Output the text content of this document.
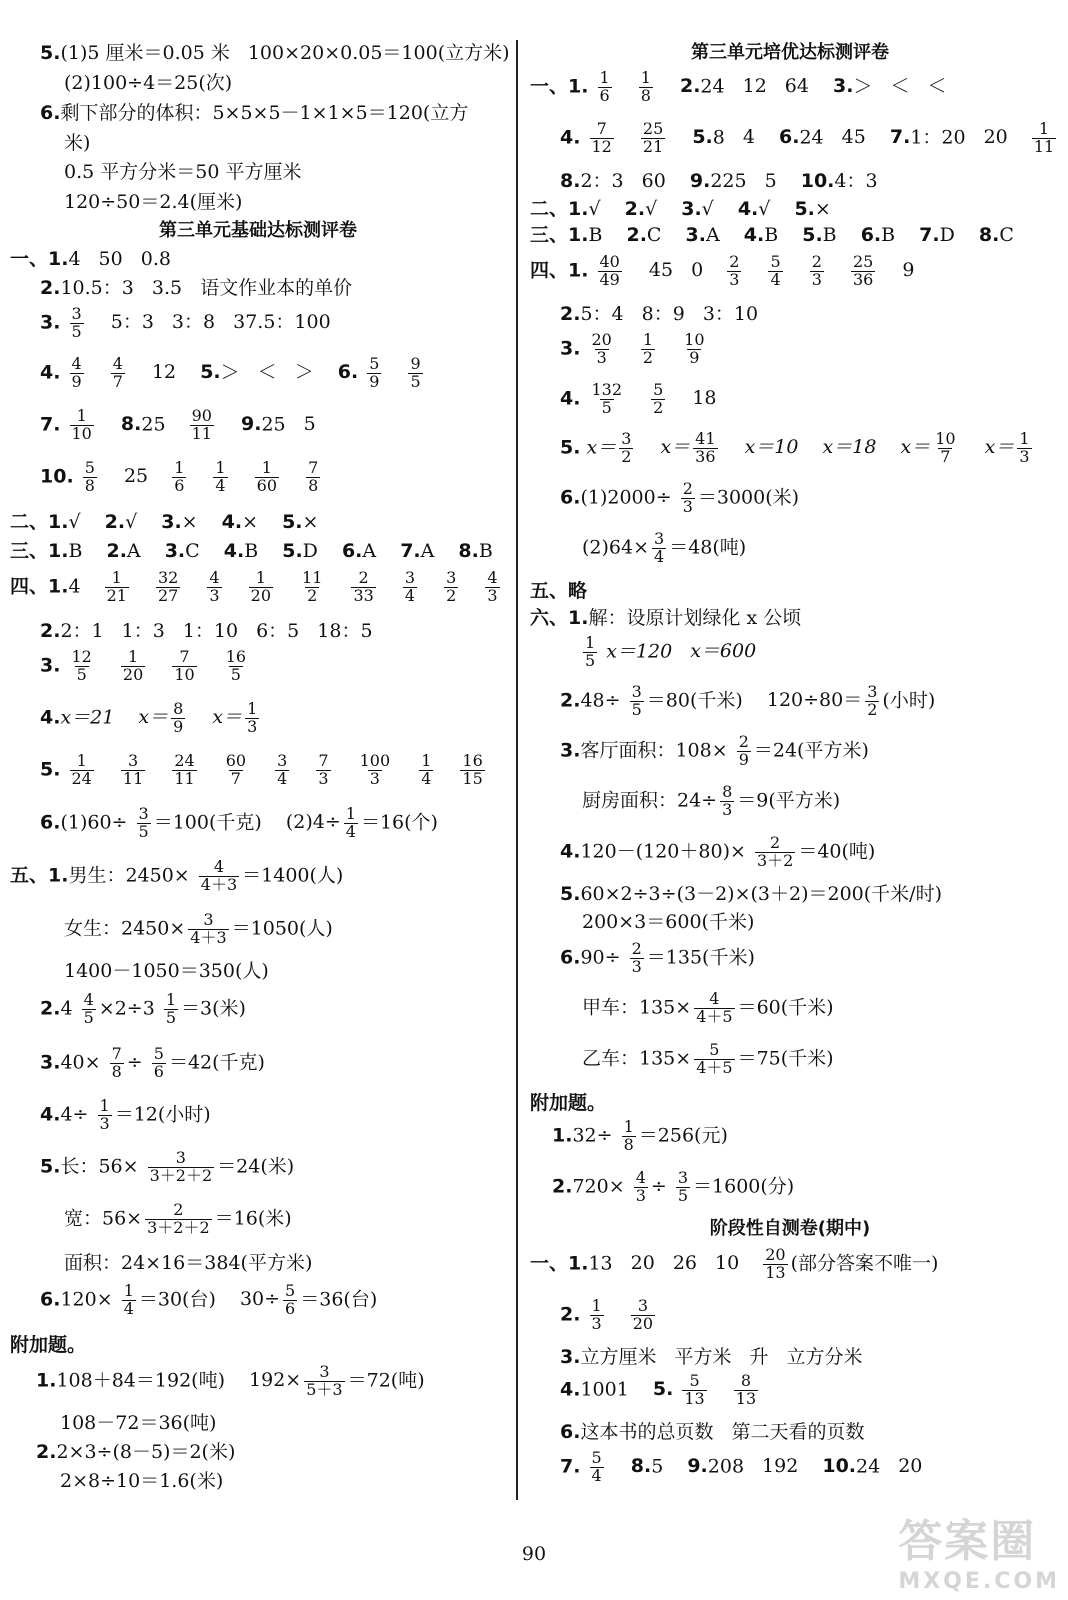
5.(1)5 厘米＝0.05 米 100×20×0.05＝100(立方米)
(2)100÷4＝25(次)
6.剩下部分的体积：5×5×5－1×1×5＝120(立方
米)
0.5 平方分米＝50 平方厘米
120÷50＝2.4(厘米)
第三单元基础达标测评卷
一、1.4 50 0.8
2.10.5：3 3.5 语文作业本的单价
3. $\frac{3}{5} 5$：3 3：8 37.5：100
4. $\frac{4}{9}$
$\frac{4}{7} 12$ 5.＞ ＜ ＞ 6. $\frac{5}{9}$
$\frac{9}{5}$
7. $\frac{1}{10} 8.25 \frac{90}{11} 9.25$ 5
10. $\frac{5}{8} 25 \frac{1}{6}$
$\frac{1}{4}$
$\frac{1}{60}$
$\frac{7}{8}$
二、1.√ 2.√ 3.× 4.× 5.×
三、1.B 2.A 3.C 4.B 5.D 6.A 7.A 8.B
四、$1.4 \frac{1}{21}$
$\frac{32}{27}$
$\frac{4}{3}$
$\frac{1}{20}$
$\frac{11}{2}$
$\frac{2}{33}$
$\frac{3}{4}$
$\frac{3}{2}$
$\frac{4}{3}$
2.2：1 1：3 1：10 6：5 18：5
3. $\frac{12}{5}$
$\frac{1}{20}$
$\frac{7}{10}$
$\frac{16}{5}$
4.x＝21 $x= \frac{8}{9} x= \frac{1}{3}$
5. $\frac{1}{24}$
$\frac{3}{11}$
$\frac{24}{11}$
$\frac{60}{7}$
$\frac{3}{4}$
$\frac{7}{3}$
$\frac{100}{3}$
$\frac{1}{4}$
$\frac{16}{15}$
$6.(1)60\div \frac{3}{5} =100$(千克) $(2)4\div \frac{1}{4} =16$(个)
五、1.男生：$2450\times \frac{4}{4+3} =1400$(人)
女生：$2450\times \frac{3}{4+3} =1050$(人)
1400－1050＝350(人)
$2.4 \frac{4}{5} \times 2\div 3 \frac{1}{5} =3$(米)
$3.40\times \frac{7}{8} \div \frac{5}{6} =42$(千克)
$4.4\div \frac{1}{3} =12$(小时)
5.长：$56\times \frac{3}{3+2+2} =24$(米)
宽：$56\times \frac{2}{3+2+2} =16$(米)
面积：24×16＝384(平方米)
$6.120\times \frac{1}{4} =30$(台) $30\div \frac{5}{6} =36$(台)
附加题。
1.108＋84＝192(吨) $192\times \frac{3}{5+3} =72$(吨)
108－72＝36(吨)
2.2×3÷(8－5)＝2(米)
2×8÷10＝1.6(米)
第三单元培优达标测评卷
一、1. $\frac{1}{6}$
$\frac{1}{8} 2.24$ 12 64 3.＞ ＜ ＜
4. $\frac{7}{12}$
$\frac{25}{21} 5.8$ 4 6.24 45 7.1：20 $20 \frac{1}{11}$
8.2：3 60 9.225 5 10.4：3
二、1.√ 2.√ 3.√ 4.√ 5.×
三、1.B 2.C 3.A 4.B 5.B 6.B 7.D 8.C
四、1. $\frac{40}{49} 45$ $0 \frac{2}{3}$
$\frac{5}{4}$
$\frac{2}{3}$
$\frac{25}{36} 9$
2.5：4 8：9 3：10
3. $\frac{20}{3}$
$\frac{1}{2}$
$\frac{10}{9}$
4. $\frac{132}{5}$
$\frac{5}{2} 18$
5. $x= \frac{3}{2} x= \frac{41}{36} x=10$ x＝18 $x= \frac{10}{7} x= \frac{1}{3}$
$6.(1)2000\div \frac{2}{3} =3000$(米)
$(2)64\times \frac{3}{4} =48$(吨)
五、略
六、1.解：设原计划绿化 x 公顷
$\frac{1}{5} x=120$ x＝600
$2.48\div \frac{3}{5} =80$(千米) $120\div 80= \frac{3}{2}$ (小时)
3.客厅面积：$108\times \frac{2}{9} =24$(平方米)
厨房面积：$24\div \frac{8}{3} =9$(平方米)
$4.120-(120+80)\times \frac{2}{3+2} =40$(吨)
5.60×2÷3÷(3－2)×(3＋2)＝200(千米/时)
200×3＝600(千米)
$6.90\div \frac{2}{3} =135$(千米)
甲车：$135\times \frac{4}{4+5} =60$(千米)
乙车：$135\times \frac{5}{4+5} =75$(千米)
附加题。
$1.32\div \frac{1}{8} =256$(元)
$2.720\times \frac{4}{3} \div \frac{3}{5} =1600$(分)
阶段性自测卷(期中)
一、1.13 20 26 $10 \frac{20}{13}$ (部分答案不唯一)
2. $\frac{1}{3}$
$\frac{3}{20}$
3.立方厘米 平方米 升 立方分米
4.1001 5. $\frac{5}{13}$
$\frac{8}{13}$
6.这本书的总页数 第二天看的页数
7. $\frac{5}{4} 8.5$ 9.208 192 10.24 20
90	答案圈
MXQE.COM
